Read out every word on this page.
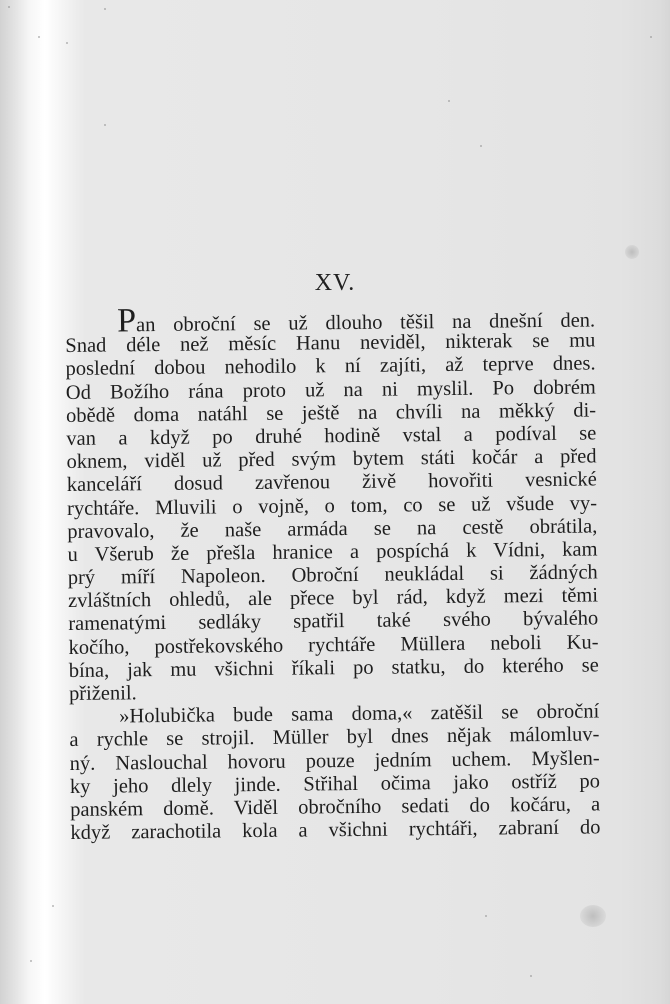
XV.
Pan obroční se už dlouho těšil na dnešní den.
Snad déle než měsíc Hanu neviděl, nikterak se mu
poslední dobou nehodilo k ní zajíti, až teprve dnes.
Od Božího rána proto už na ni myslil. Po dobrém
obědě doma natáhl se ještě na chvíli na měkký di-
van a když po druhé hodině vstal a podíval se
oknem, viděl už před svým bytem státi kočár a před
kanceláří dosud zavřenou živě hovořiti vesnické
rychtáře. Mluvili o vojně, o tom, co se už všude vy-
pravovalo, že naše armáda se na cestě obrátila,
u Všerub že přešla hranice a pospíchá k Vídni, kam
prý míří Napoleon. Obroční neukládal si žádných
zvláštních ohledů, ale přece byl rád, když mezi těmi
ramenatými sedláky spatřil také svého bývalého
kočího, postřekovského rychtáře Müllera neboli Ku-
bína, jak mu všichni říkali po statku, do kterého se
přiženil.
»Holubička bude sama doma,« zatěšil se obroční
a rychle se strojil. Müller byl dnes nějak málomluv-
ný. Naslouchal hovoru pouze jedním uchem. Myšlen-
ky jeho dlely jinde. Střihal očima jako ostříž po
panském domě. Viděl obročního sedati do kočáru, a
když zarachotila kola a všichni rychtáři, zabraní do
